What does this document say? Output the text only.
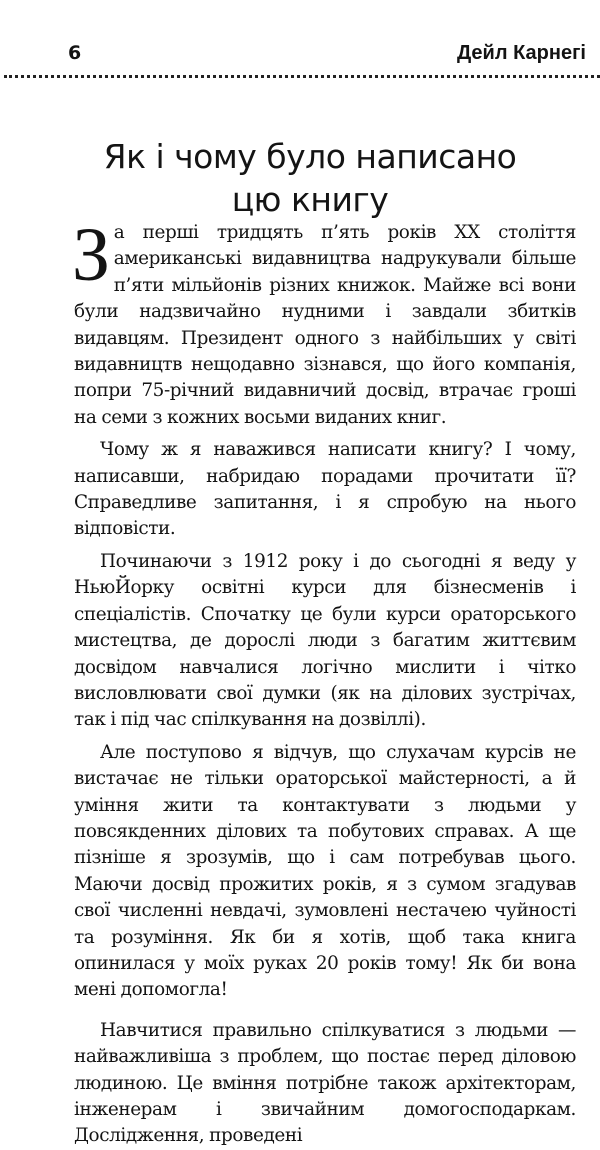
6	Дейл Карнегі
Як і чому було написано
цю книгу

За перші тридцять п’ять років XX століття американські видавництва надрукували більше п’яти мільйонів різних книжок. Майже всі вони були надзвичайно нудними і завдали збитків видавцям. Президент одного з найбільших у світі видавництв нещодавно зізнався, що його компанія, попри 75-річний видавничий досвід, втрачає гроші на семи з кожних восьми виданих книг.

Чому ж я наважився написати книгу? І чому, написавши, набридаю порадами прочитати її? Справедливе запитання, і я спробую на нього відповісти.

Починаючи з 1912 року і до сьогодні я веду у НьюЙорку освітні курси для бізнесменів і спеціалістів. Спочатку це були курси ораторського мистецтва, де дорослі люди з багатим життєвим досвідом навчалися логічно мислити і чітко висловлювати свої думки (як на ділових зустрічах, так і під час спілкування на дозвіллі).

Але поступово я відчув, що слухачам курсів не вистачає не тільки ораторської майстерності, а й уміння жити та контактувати з людьми у повсякденних ділових та побутових справах. А ще пізніше я зрозумів, що і сам потребував цього. Маючи досвід прожитих років, я з сумом згадував свої численні невдачі, зумовлені нестачею чуйності та розуміння. Як би я хотів, щоб така книга опинилася у моїх руках 20 років тому! Як би вона мені допомогла!

Навчитися правильно спілкуватися з людьми — найважливіша з проблем, що постає перед діловою людиною. Це вміння потрібне також архітекторам, інженерам і звичайним домогосподаркам. Дослідження, проведені
